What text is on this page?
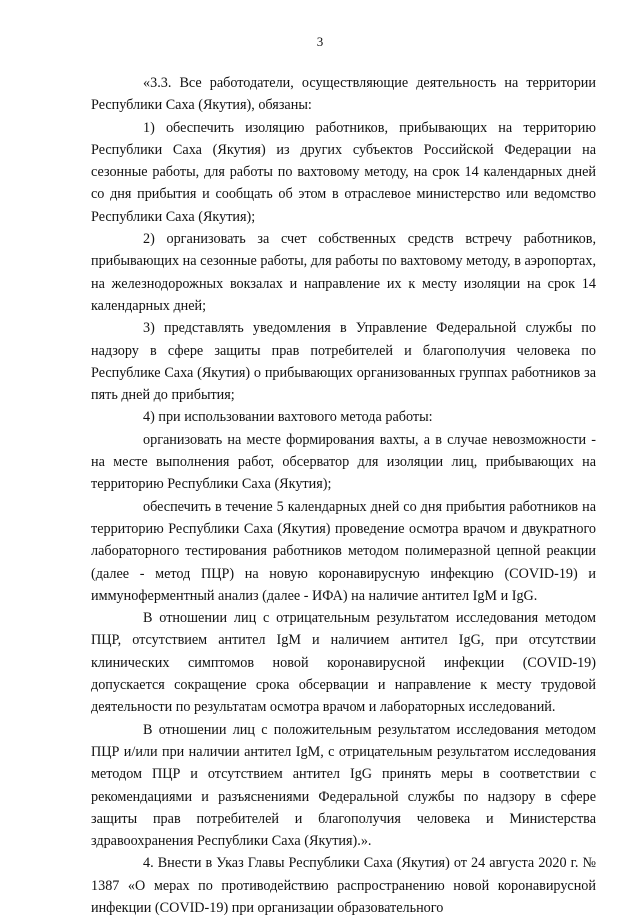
3

«3.3. Все работодатели, осуществляющие деятельность на территории Республики Саха (Якутия), обязаны:

1) обеспечить изоляцию работников, прибывающих на территорию Республики Саха (Якутия) из других субъектов Российской Федерации на сезонные работы, для работы по вахтовому методу, на срок 14 календарных дней со дня прибытия и сообщать об этом в отраслевое министерство или ведомство Республики Саха (Якутия);

2) организовать за счет собственных средств встречу работников, прибывающих на сезонные работы, для работы по вахтовому методу, в аэропортах, на железнодорожных вокзалах и направление их к месту изоляции на срок 14 календарных дней;

3) представлять уведомления в Управление Федеральной службы по надзору в сфере защиты прав потребителей и благополучия человека по Республике Саха (Якутия) о прибывающих организованных группах работников за пять дней до прибытия;

4) при использовании вахтового метода работы:

организовать на месте формирования вахты, а в случае невозможности - на месте выполнения работ, обсерватор для изоляции лиц, прибывающих на территорию Республики Саха (Якутия);

обеспечить в течение 5 календарных дней со дня прибытия работников на территорию Республики Саха (Якутия) проведение осмотра врачом и двукратного лабораторного тестирования работников методом полимеразной цепной реакции (далее - метод ПЦР) на новую коронавирусную инфекцию (COVID-19) и иммуноферментный анализ (далее - ИФА) на наличие антител IgM и IgG.

В отношении лиц с отрицательным результатом исследования методом ПЦР, отсутствием антител IgM и наличием антител IgG, при отсутствии клинических симптомов новой коронавирусной инфекции (COVID-19) допускается сокращение срока обсервации и направление к месту трудовой деятельности по результатам осмотра врачом и лабораторных исследований.

В отношении лиц с положительным результатом исследования методом ПЦР и/или при наличии антител IgM, с отрицательным результатом исследования методом ПЦР и отсутствием антител IgG принять меры в соответствии с рекомендациями и разъяснениями Федеральной службы по надзору в сфере защиты прав потребителей и благополучия человека и Министерства здравоохранения Республики Саха (Якутия).».

4. Внести в Указ Главы Республики Саха (Якутия) от 24 августа 2020 г. № 1387 «О мерах по противодействию распространению новой коронавирусной инфекции (COVID-19) при организации образовательного
